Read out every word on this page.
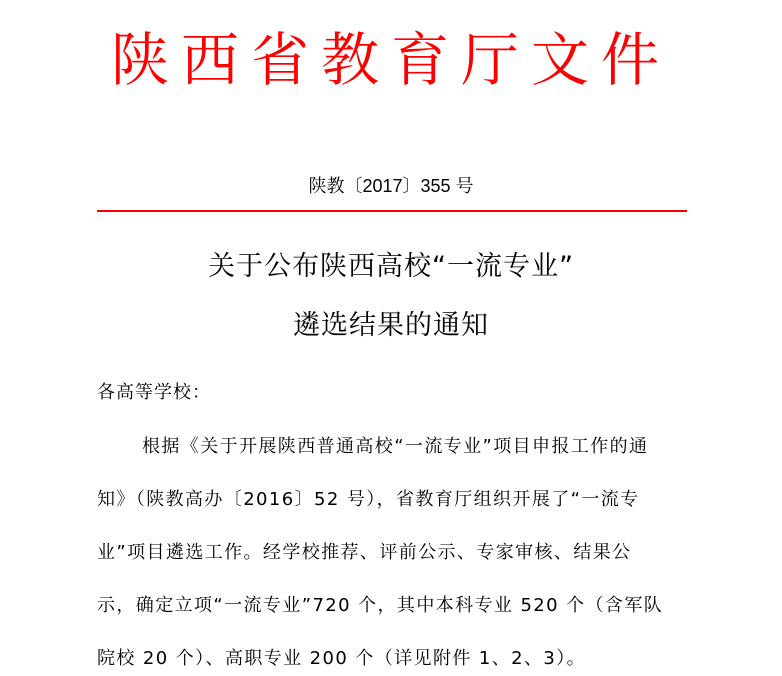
陕西省教育厅文件
陕教〔2017〕355 号
关于公布陕西高校“一流专业”
遴选结果的通知
各高等学校：
根据《关于开展陕西普通高校“一流专业”项目申报工作的通
知》（陕教高办〔2016〕52 号），省教育厅组织开展了“一流专
业”项目遴选工作。经学校推荐、评前公示、专家审核、结果公
示，确定立项“一流专业”720 个，其中本科专业 520 个（含军队
院校 20 个）、高职专业 200 个（详见附件 1、2、3）。
